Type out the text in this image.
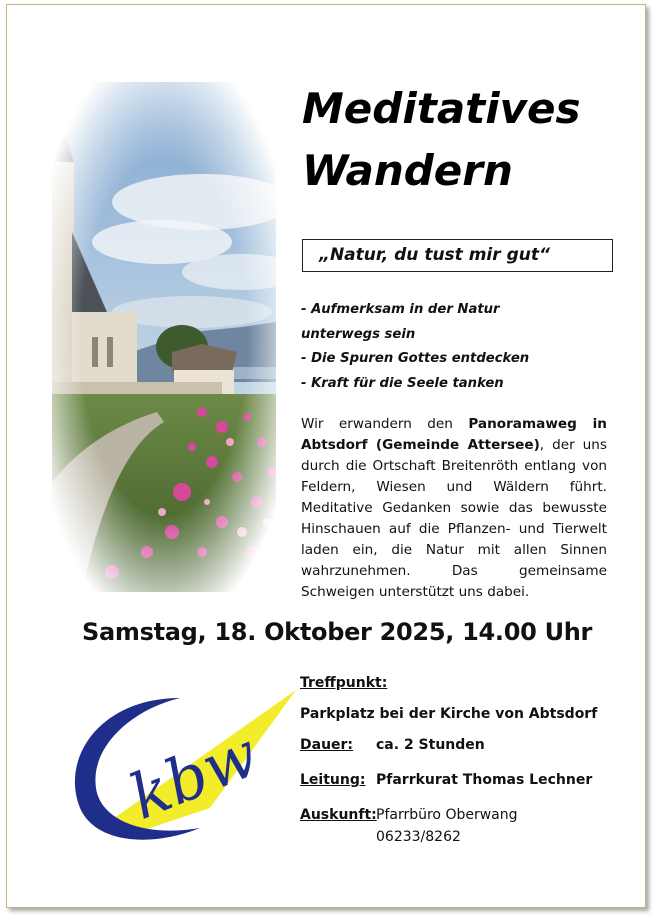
Meditatives
Wandern
„Natur, du tust mir gut“
- Aufmerksam in der Natur
unterwegs sein
- Die Spuren Gottes entdecken
- Kraft für die Seele tanken
Wir erwandern den Panoramaweg in Abtsdorf (Gemeinde Attersee), der uns durch die Ortschaft Breitenröth entlang von Feldern, Wiesen und Wäldern führt. Meditative Gedanken sowie das bewusste Hinschauen auf die Pflanzen- und Tierwelt laden ein, die Natur mit allen Sinnen wahrzunehmen. Das gemeinsame Schweigen unterstützt uns dabei.
Samstag, 18. Oktober 2025, 14.00 Uhr
kbw
Treffpunkt:
Parkplatz bei der Kirche von Abtsdorf
Dauer: ca. 2 Stunden
Leitung: Pfarrkurat Thomas Lechner
Auskunft: Pfarrbüro Oberwang
06233/8262
